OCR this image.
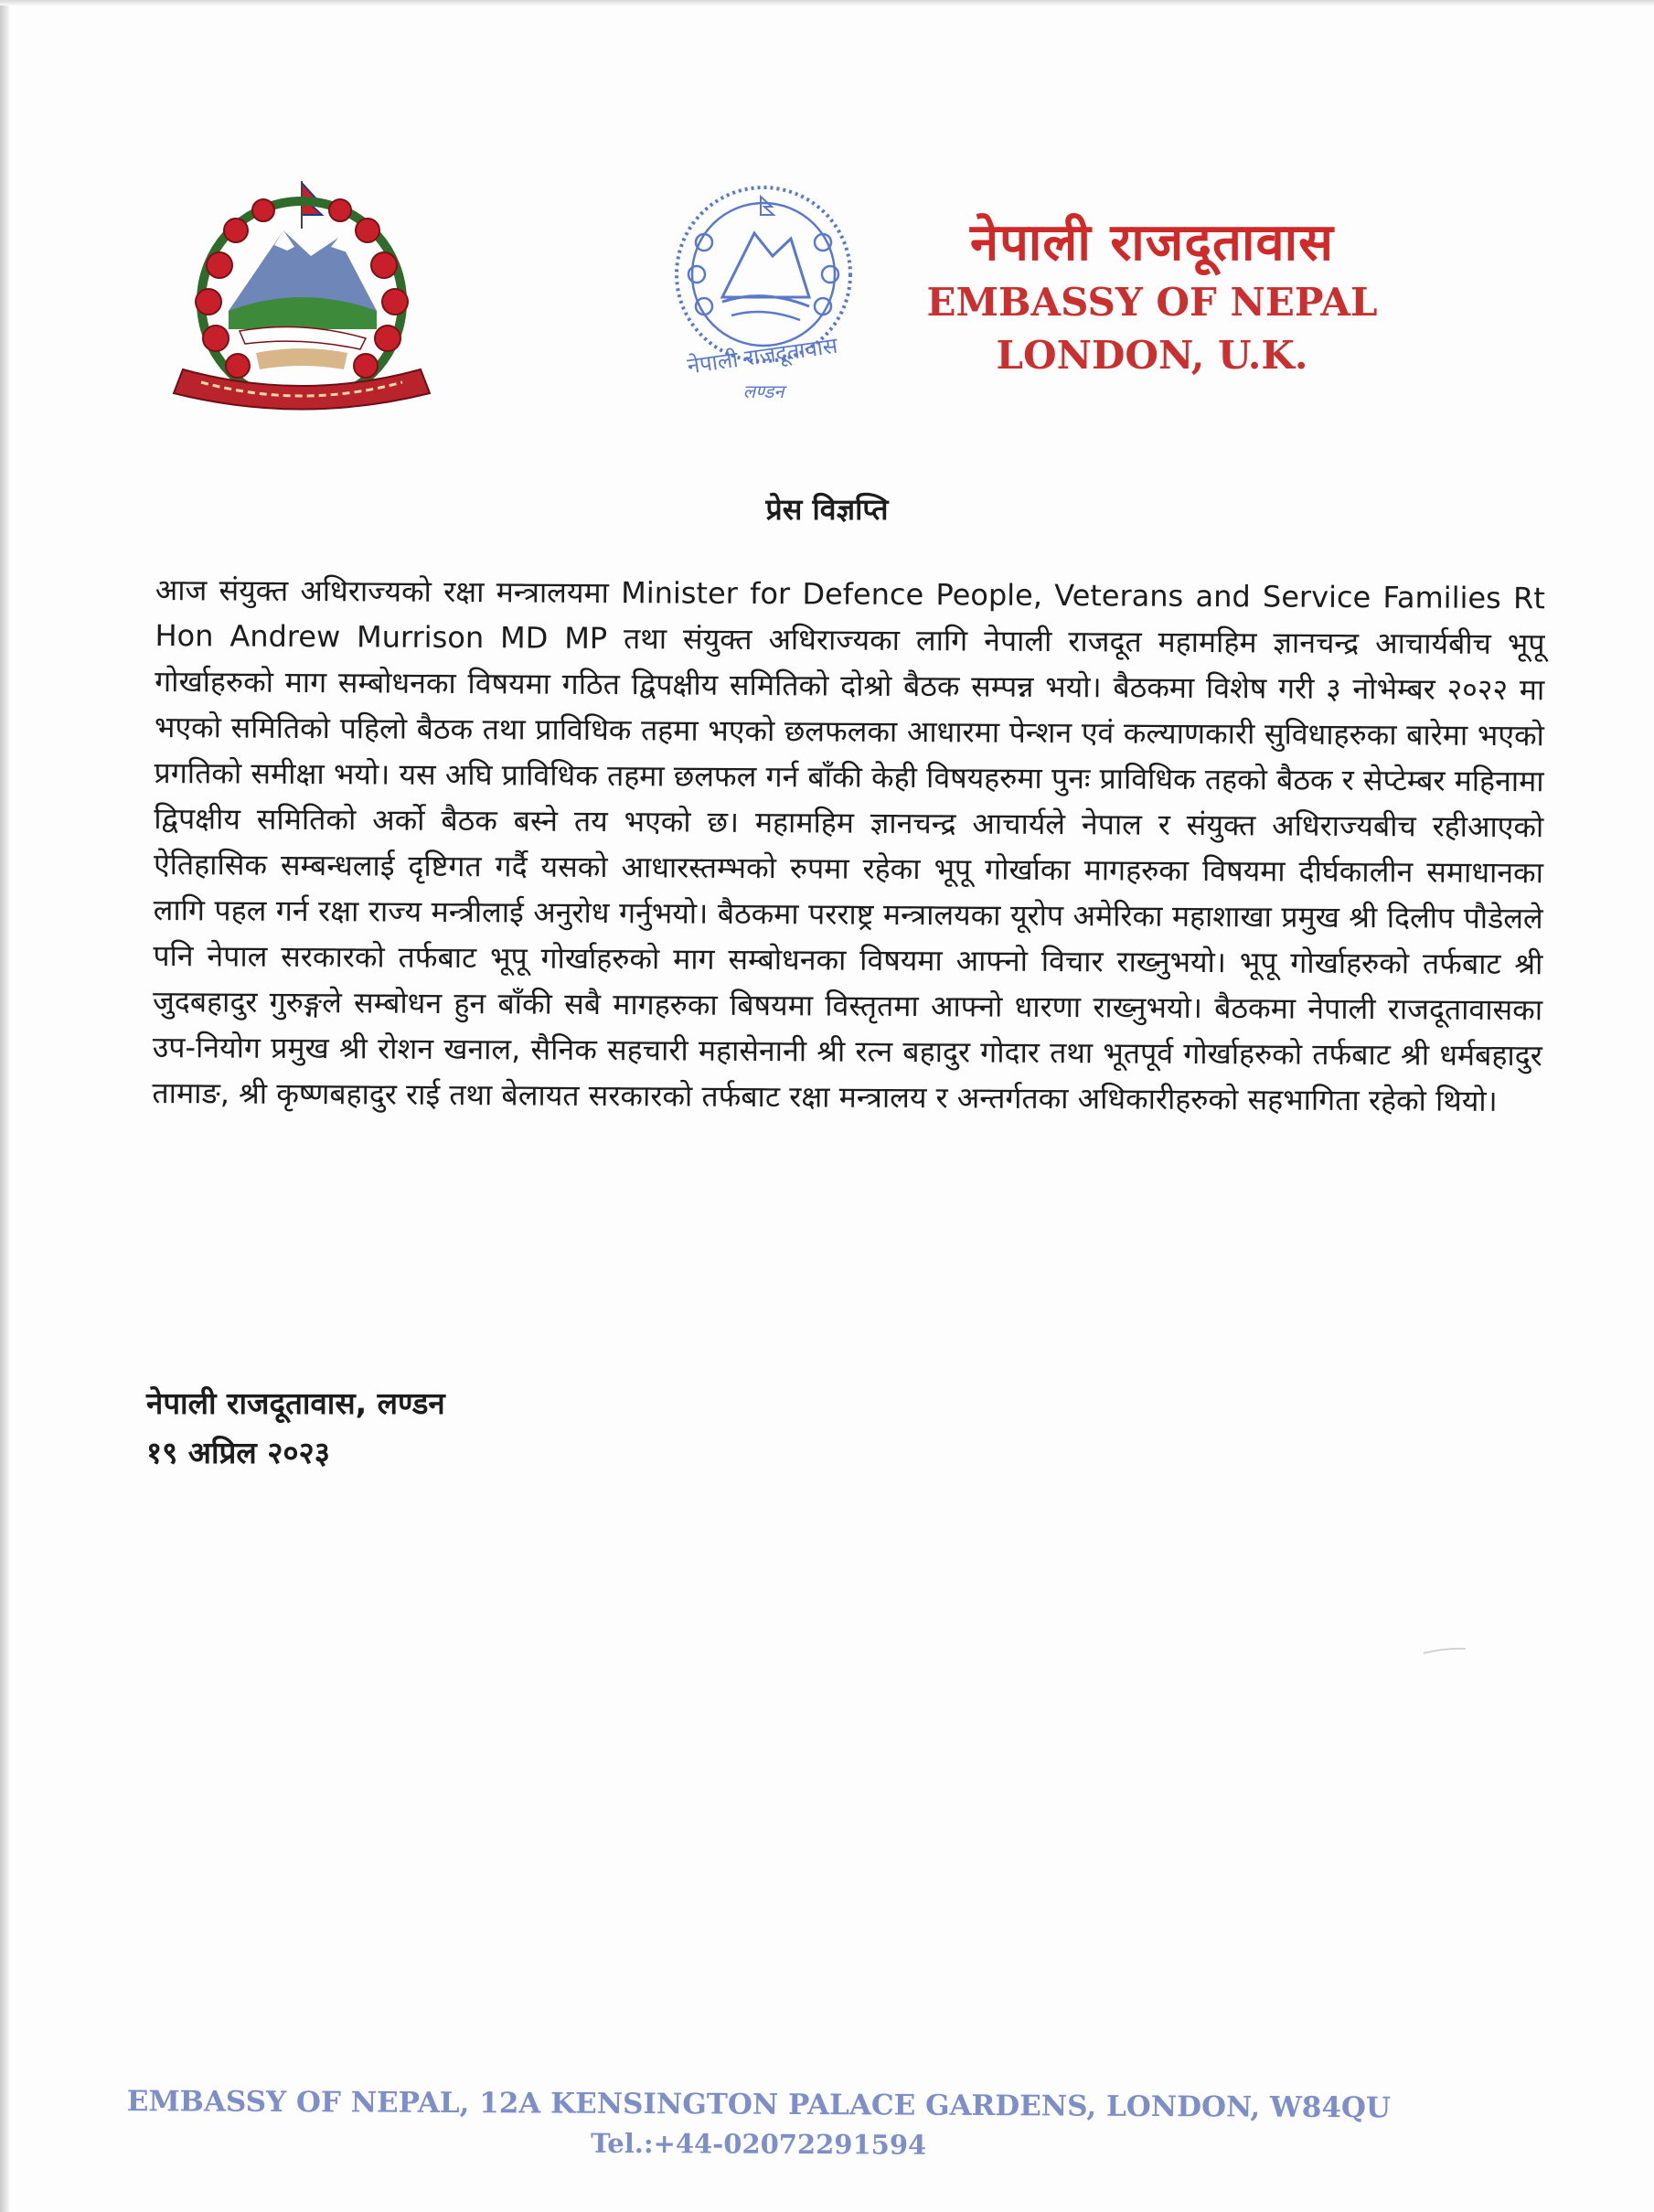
नेपाली राजदूतावास
लण्डन
नेपाली राजदूतावास
EMBASSY OF NEPAL
LONDON, U.K.
प्रेस विज्ञप्ति
आज संयुक्त अधिराज्यको रक्षा मन्त्रालयमा Minister for Defence People, Veterans and Service Families Rt Hon Andrew Murrison MD MP तथा संयुक्त अधिराज्यका लागि नेपाली राजदूत महामहिम ज्ञानचन्द्र आचार्यबीच भूपू गोर्खाहरुको माग सम्बोधनका विषयमा गठित द्विपक्षीय समितिको दोश्रो बैठक सम्पन्न भयो। बैठकमा विशेष गरी ३ नोभेम्बर २०२२ मा भएको समितिको पहिलो बैठक तथा प्राविधिक तहमा भएको छलफलका आधारमा पेन्शन एवं कल्याणकारी सुविधाहरुका बारेमा भएको प्रगतिको समीक्षा भयो। यस अघि प्राविधिक तहमा छलफल गर्न बाँकी केही विषयहरुमा पुनः प्राविधिक तहको बैठक र सेप्टेम्बर महिनामा द्विपक्षीय समितिको अर्को बैठक बस्ने तय भएको छ। महामहिम ज्ञानचन्द्र आचार्यले नेपाल र संयुक्त अधिराज्यबीच रहीआएको ऐतिहासिक सम्बन्धलाई दृष्टिगत गर्दै यसको आधारस्तम्भको रुपमा रहेका भूपू गोर्खाका मागहरुका विषयमा दीर्घकालीन समाधानका लागि पहल गर्न रक्षा राज्य मन्त्रीलाई अनुरोध गर्नुभयो। बैठकमा परराष्ट्र मन्त्रालयका यूरोप अमेरिका महाशाखा प्रमुख श्री दिलीप पौडेलले पनि नेपाल सरकारको तर्फबाट भूपू गोर्खाहरुको माग सम्बोधनका विषयमा आफ्नो विचार राख्नुभयो। भूपू गोर्खाहरुको तर्फबाट श्री जुदबहादुर गुरुङ्गले सम्बोधन हुन बाँकी सबै मागहरुका बिषयमा विस्तृतमा आफ्नो धारणा राख्नुभयो। बैठकमा नेपाली राजदूतावासका उप-नियोग प्रमुख श्री रोशन खनाल, सैनिक सहचारी महासेनानी श्री रत्न बहादुर गोदार तथा भूतपूर्व गोर्खाहरुको तर्फबाट श्री धर्मबहादुर तामाङ, श्री कृष्णबहादुर राई तथा बेलायत सरकारको तर्फबाट रक्षा मन्त्रालय र अन्तर्गतका अधिकारीहरुको सहभागिता रहेको थियो।
नेपाली राजदूतावास, लण्डन
१९ अप्रिल २०२३
EMBASSY OF NEPAL, 12A KENSINGTON PALACE GARDENS, LONDON, W84QU
Tel.:+44-02072291594
